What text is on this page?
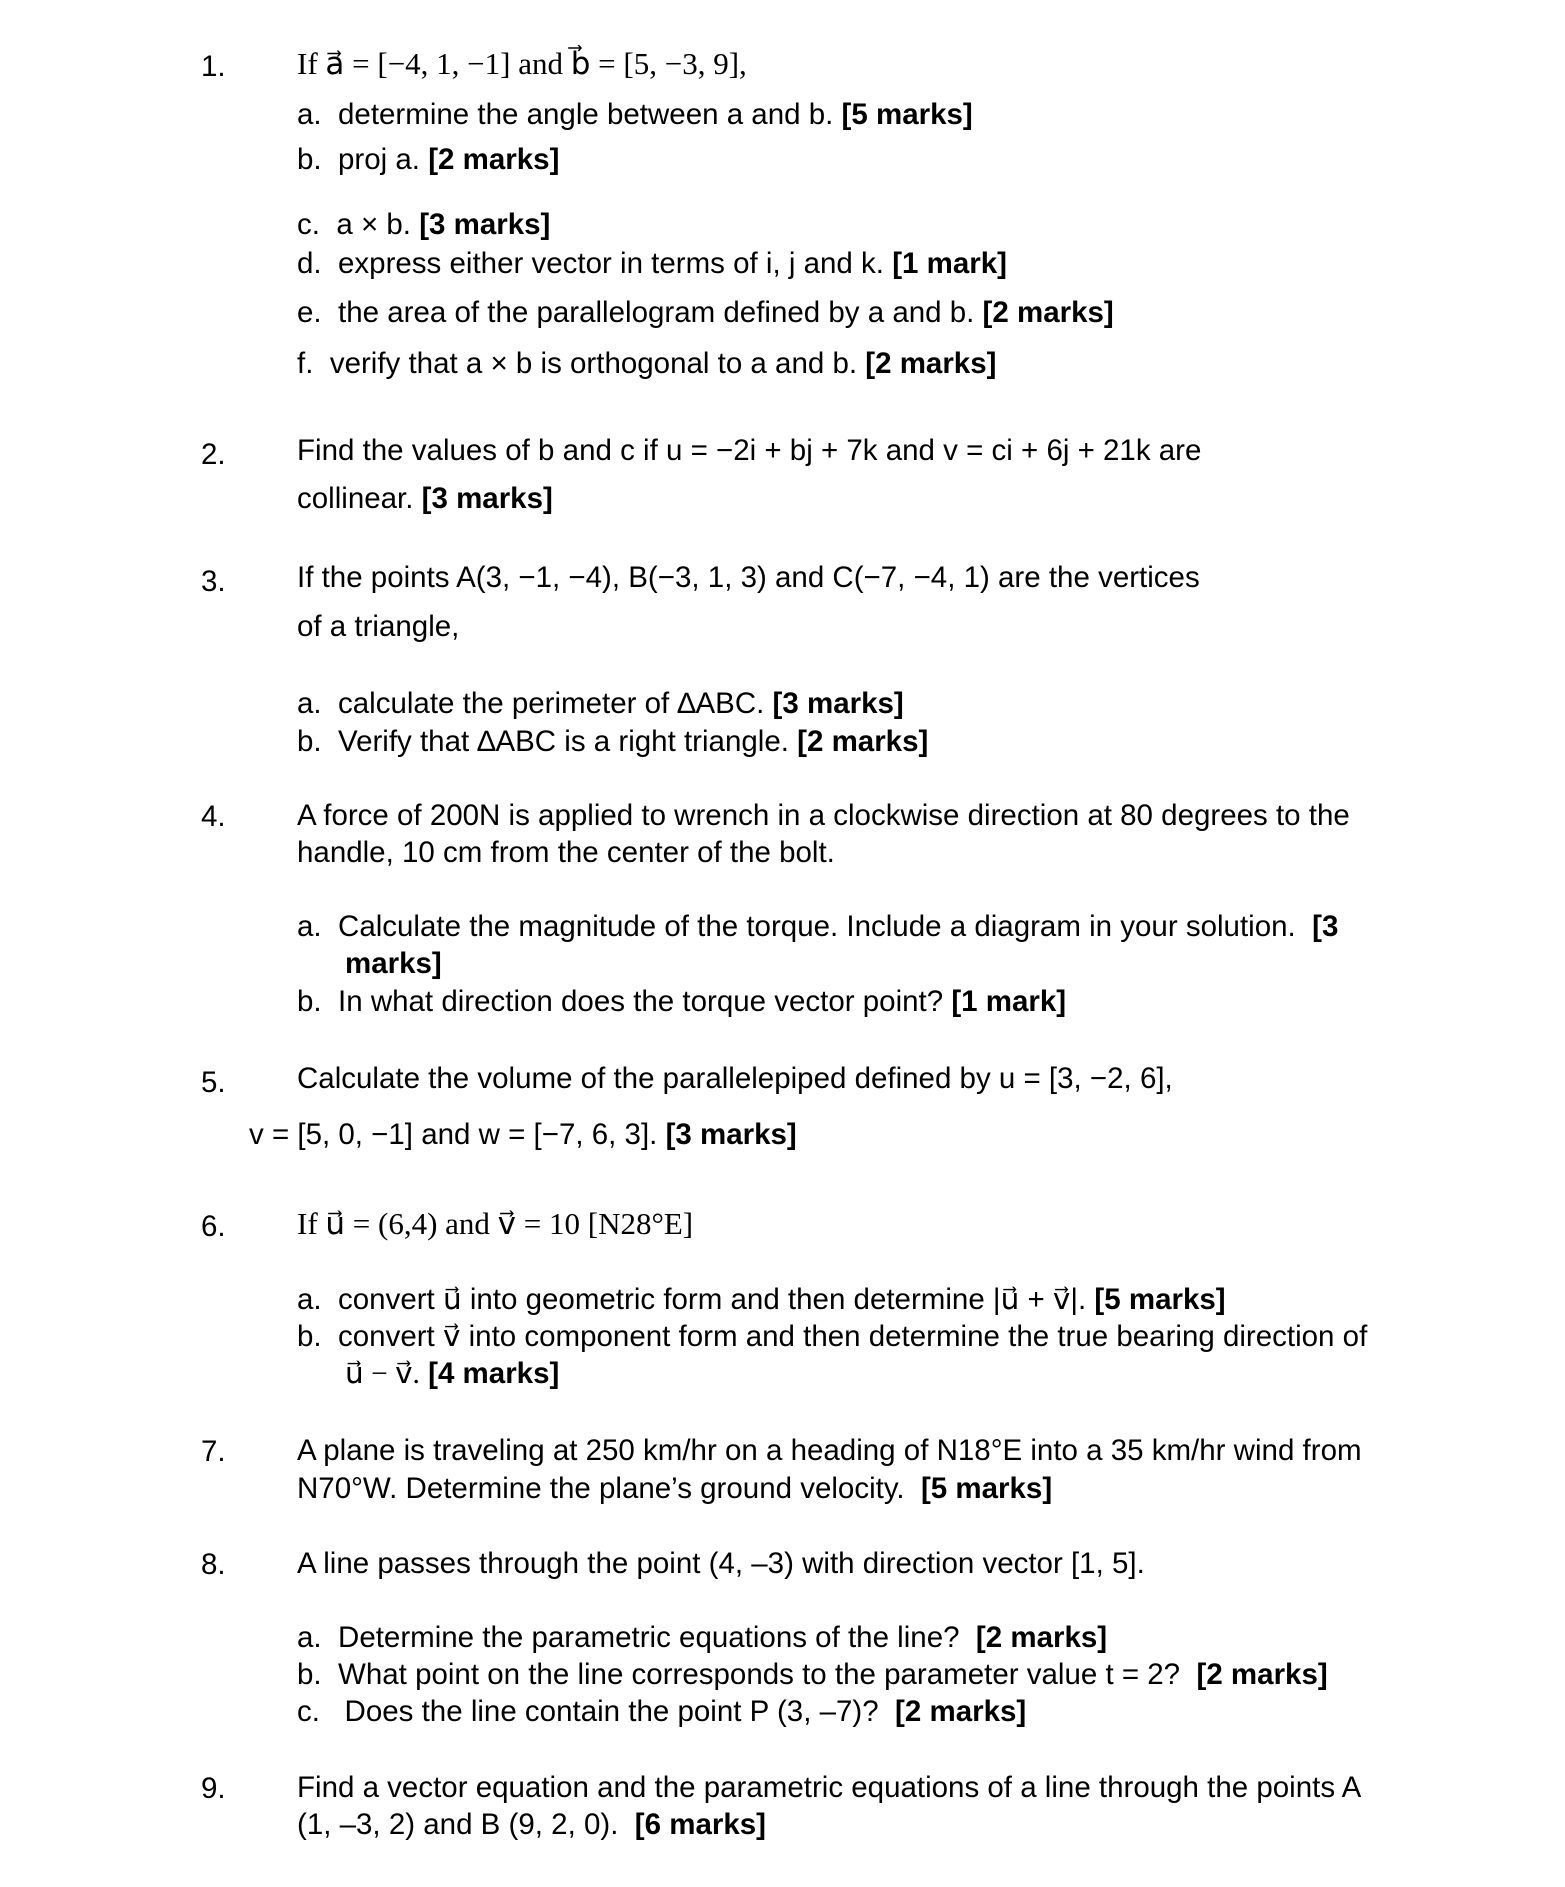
1. If a⃗ = [−4, 1, −1] and b⃗ = [5, −3, 9],
a. determine the angle between a and b. [5 marks]
b. proj a. [2 marks]
c. a × b. [3 marks]
d. express either vector in terms of i, j and k. [1 mark]
e. the area of the parallelogram defined by a and b. [2 marks]
f. verify that a × b is orthogonal to a and b. [2 marks]
2. Find the values of b and c if u = −2i + bj + 7k and v = ci + 6j + 21k are
collinear. [3 marks]
3. If the points A(3, −1, −4), B(−3, 1, 3) and C(−7, −4, 1) are the vertices
of a triangle,
a. calculate the perimeter of ∆ABC. [3 marks]
b. Verify that ∆ABC is a right triangle. [2 marks]
4. A force of 200N is applied to wrench in a clockwise direction at 80 degrees to the
handle, 10 cm from the center of the bolt.
a. Calculate the magnitude of the torque. Include a diagram in your solution. [3
marks]
b. In what direction does the torque vector point? [1 mark]
5. Calculate the volume of the parallelepiped defined by u = [3, −2, 6],
v = [5, 0, −1] and w = [−7, 6, 3]. [3 marks]
6. If u⃗ = (6,4) and v⃗ = 10 [N28°E]
a. convert u⃗ into geometric form and then determine |u⃗ + v⃗|. [5 marks]
b. convert v⃗ into component form and then determine the true bearing direction of
u⃗ − v⃗. [4 marks]
7. A plane is traveling at 250 km/hr on a heading of N18°E into a 35 km/hr wind from
N70°W. Determine the plane’s ground velocity. [5 marks]
8. A line passes through the point (4, –3) with direction vector [1, 5].
a. Determine the parametric equations of the line? [2 marks]
b. What point on the line corresponds to the parameter value t = 2? [2 marks]
c. Does the line contain the point P (3, –7)? [2 marks]
9. Find a vector equation and the parametric equations of a line through the points A
(1, –3, 2) and B (9, 2, 0). [6 marks]
